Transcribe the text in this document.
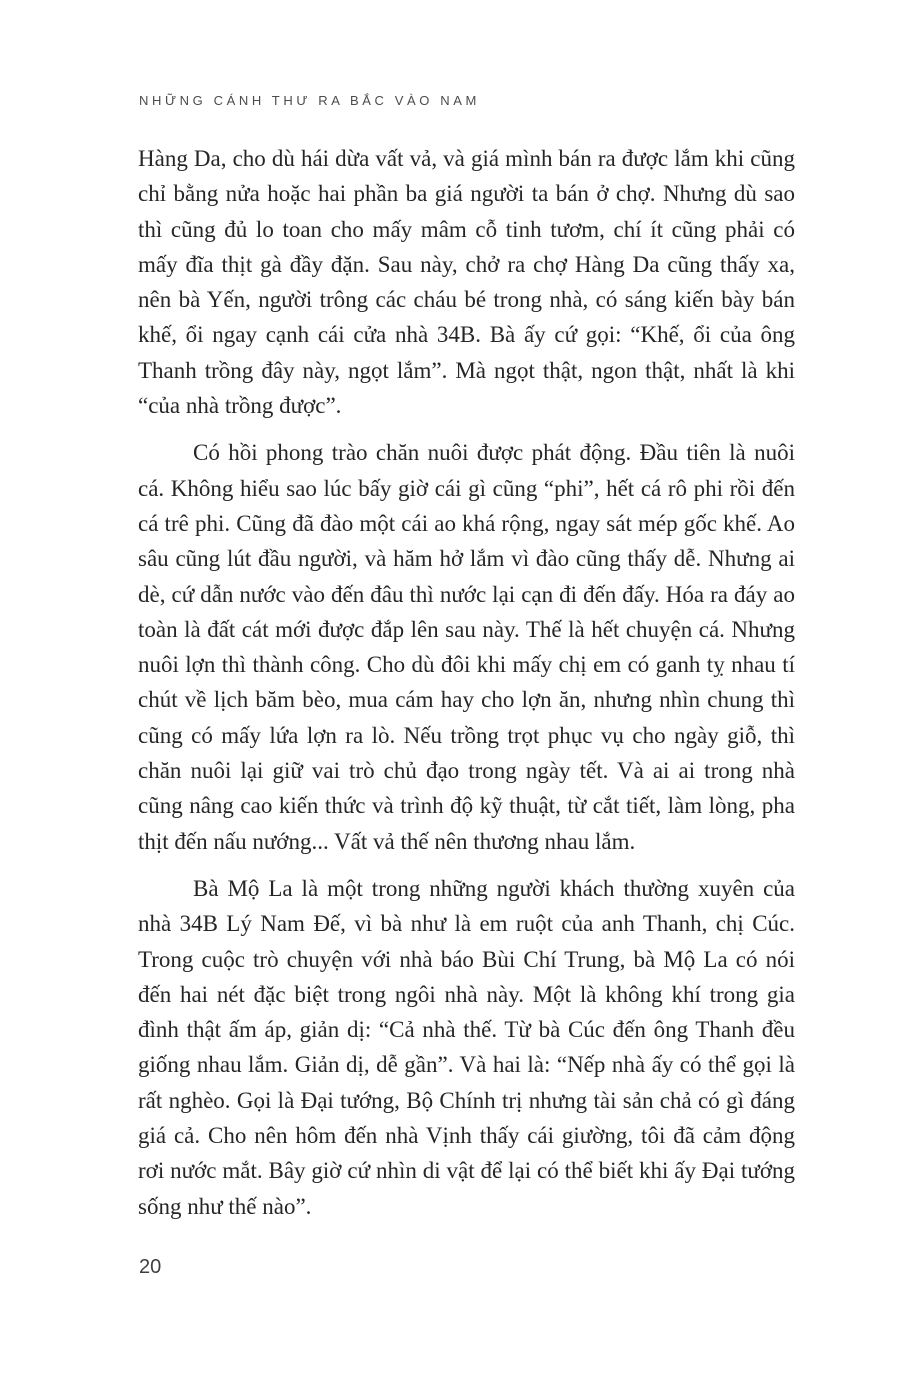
NHỮNG CÁNH THƯ RA BẮC VÀO NAM

Hàng Da, cho dù hái dừa vất vả, và giá mình bán ra được lắm khi cũng chỉ bằng nửa hoặc hai phần ba giá người ta bán ở chợ. Nhưng dù sao thì cũng đủ lo toan cho mấy mâm cỗ tinh tươm, chí ít cũng phải có mấy đĩa thịt gà đầy đặn. Sau này, chở ra chợ Hàng Da cũng thấy xa, nên bà Yến, người trông các cháu bé trong nhà, có sáng kiến bày bán khế, ổi ngay cạnh cái cửa nhà 34B. Bà ấy cứ gọi: “Khế, ổi của ông Thanh trồng đây này, ngọt lắm”. Mà ngọt thật, ngon thật, nhất là khi “của nhà trồng được”.

Có hồi phong trào chăn nuôi được phát động. Đầu tiên là nuôi cá. Không hiểu sao lúc bấy giờ cái gì cũng “phi”, hết cá rô phi rồi đến cá trê phi. Cũng đã đào một cái ao khá rộng, ngay sát mép gốc khế. Ao sâu cũng lút đầu người, và hăm hở lắm vì đào cũng thấy dễ. Nhưng ai dè, cứ dẫn nước vào đến đâu thì nước lại cạn đi đến đấy. Hóa ra đáy ao toàn là đất cát mới được đắp lên sau này. Thế là hết chuyện cá. Nhưng nuôi lợn thì thành công. Cho dù đôi khi mấy chị em có ganh tỵ nhau tí chút về lịch băm bèo, mua cám hay cho lợn ăn, nhưng nhìn chung thì cũng có mấy lứa lợn ra lò. Nếu trồng trọt phục vụ cho ngày giỗ, thì chăn nuôi lại giữ vai trò chủ đạo trong ngày tết. Và ai ai trong nhà cũng nâng cao kiến thức và trình độ kỹ thuật, từ cắt tiết, làm lòng, pha thịt đến nấu nướng... Vất vả thế nên thương nhau lắm.

Bà Mộ La là một trong những người khách thường xuyên của nhà 34B Lý Nam Đế, vì bà như là em ruột của anh Thanh, chị Cúc. Trong cuộc trò chuyện với nhà báo Bùi Chí Trung, bà Mộ La có nói đến hai nét đặc biệt trong ngôi nhà này. Một là không khí trong gia đình thật ấm áp, giản dị: “Cả nhà thế. Từ bà Cúc đến ông Thanh đều giống nhau lắm. Giản dị, dễ gần”. Và hai là: “Nếp nhà ấy có thể gọi là rất nghèo. Gọi là Đại tướng, Bộ Chính trị nhưng tài sản chả có gì đáng giá cả. Cho nên hôm đến nhà Vịnh thấy cái giường, tôi đã cảm động rơi nước mắt. Bây giờ cứ nhìn di vật để lại có thể biết khi ấy Đại tướng sống như thế nào”.

20
